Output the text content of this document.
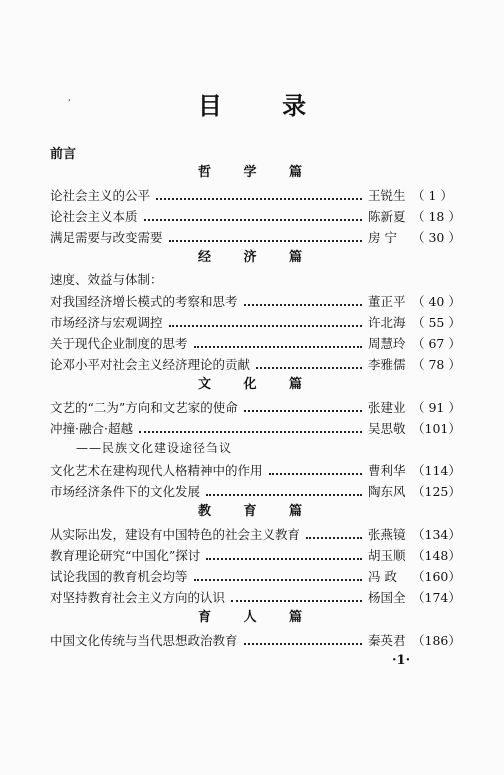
,	目 录
前言
哲 学 篇
论社会主义的公平	王锐生 （ 1 ）
论社会主义本质	陈新夏 （ 18 ）
满足需要与改变需要	房 宁	（ 30 ）
经 济 篇
速度、效益与体制：
对我国经济增长模式的考察和思考	董正平 （ 40 ）
市场经济与宏观调控	许北海 （ 55 ）
关于现代企业制度的思考	周慧玲 （ 67 ）
论邓小平对社会主义经济理论的贡献	李雅儒 （ 78 ）
文 化 篇
文艺的“二为”方向和文艺家的使命	张建业 （ 91 ）
冲撞·融合·超越	吴思敬 （101）
——民族文化建设途径刍议
文化艺术在建构现代人格精神中的作用	曹利华 （114）
市场经济条件下的文化发展	陶东风 （125）
教 育 篇
从实际出发，建设有中国特色的社会主义教育	张燕镜 （134）
教育理论研究“中国化”探讨	胡玉顺 （148）
试论我国的教育机会均等	冯 政	（160）
对坚持教育社会主义方向的认识	杨国全 （174）
育 人 篇
中国文化传统与当代思想政治教育	秦英君 （186）
·1·
